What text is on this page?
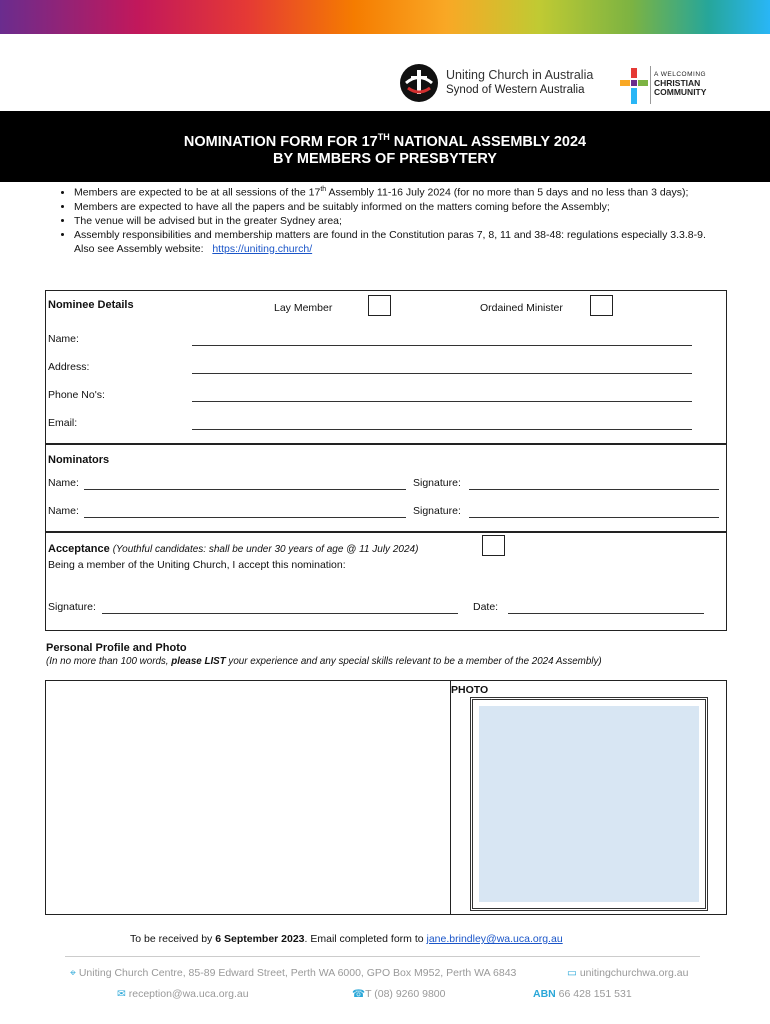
Uniting Church in Australia
Synod of Western Australia
A WELCOMING
CHRISTIAN
COMMUNITY
NOMINATION FORM FOR 17TH NATIONAL ASSEMBLY 2024
BY MEMBERS OF PRESBYTERY
• Members are expected to be at all sessions of the 17th Assembly 11-16 July 2024 (for no more than 5 days and no less than 3 days);
• Members are expected to have all the papers and be suitably informed on the matters coming before the Assembly;
• The venue will be advised but in the greater Sydney area;
• Assembly responsibilities and membership matters are found in the Constitution paras 7, 8, 11 and 38-48: regulations especially 3.3.8-9. Also see Assembly website: https://uniting.church/
Nominee Details	Lay Member	Ordained Minister
Name:
Address:
Phone No's:
Email:
Nominators
Name:	Signature:
Name:	Signature:
Acceptance (Youthful candidates: shall be under 30 years of age @ 11 July 2024)
Being a member of the Uniting Church, I accept this nomination:
Signature:	Date:
Personal Profile and Photo
(In no more than 100 words, please LIST your experience and any special skills relevant to be a member of the 2024 Assembly)
PHOTO
To be received by 6 September 2023. Email completed form to jane.brindley@wa.uca.org.au
⌖ Uniting Church Centre, 85-89 Edward Street, Perth WA 6000, GPO Box M952, Perth WA 6843	▭ unitingchurchwa.org.au
✉ reception@wa.uca.org.au	☎T (08) 9260 9800	ABN 66 428 151 531
